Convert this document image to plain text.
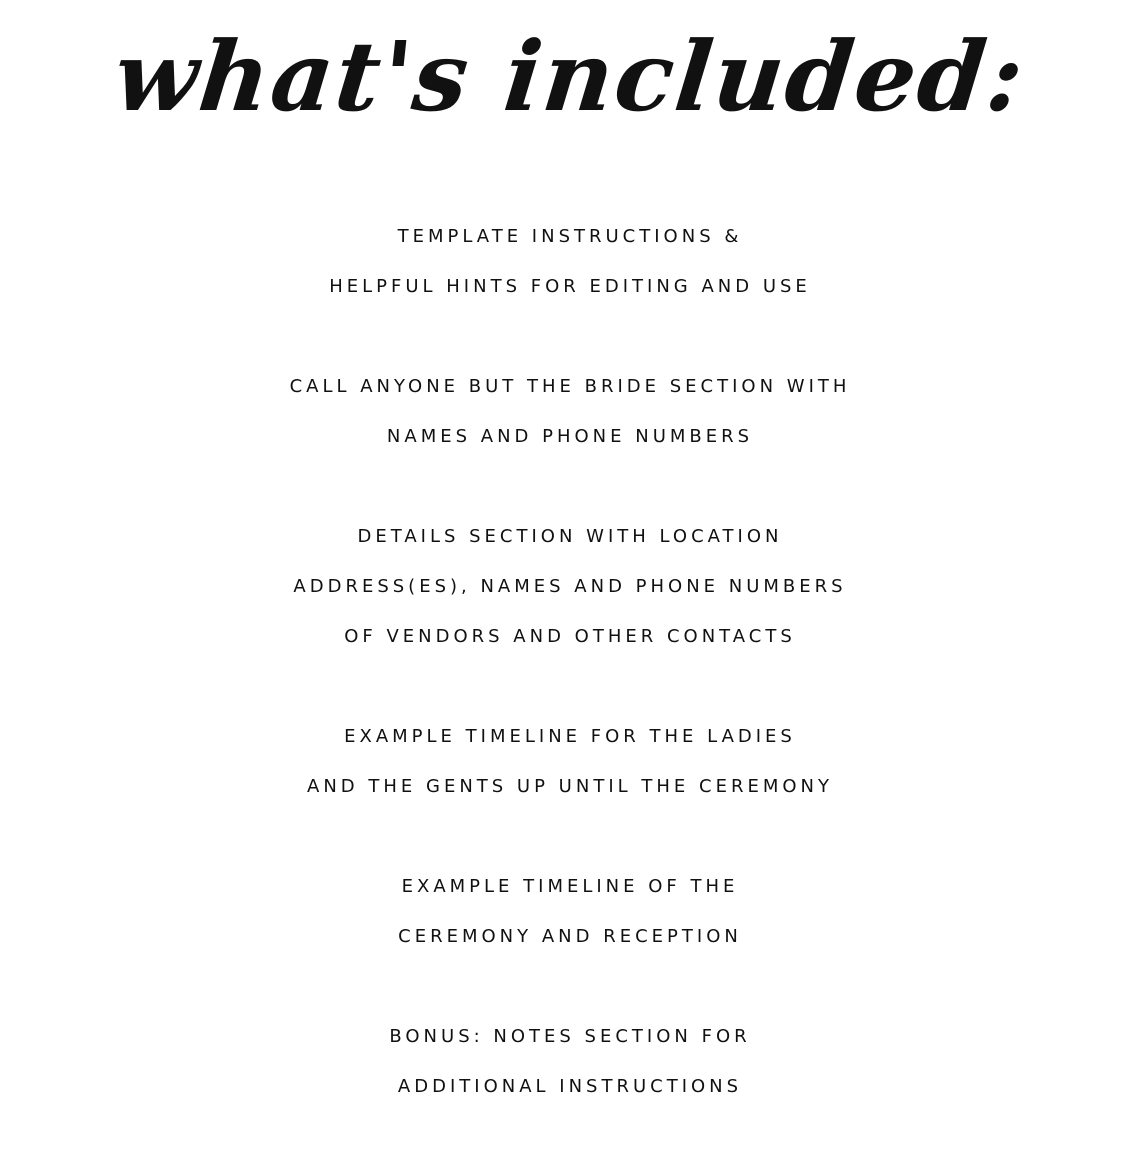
what's included:
TEMPLATE INSTRUCTIONS &
HELPFUL HINTS FOR EDITING AND USE
CALL ANYONE BUT THE BRIDE SECTION WITH
NAMES AND PHONE NUMBERS
DETAILS SECTION WITH LOCATION
ADDRESS(ES), NAMES AND PHONE NUMBERS
OF VENDORS AND OTHER CONTACTS
EXAMPLE TIMELINE FOR THE LADIES
AND THE GENTS UP UNTIL THE CEREMONY
EXAMPLE TIMELINE OF THE
CEREMONY AND RECEPTION
BONUS: NOTES SECTION FOR
ADDITIONAL INSTRUCTIONS
